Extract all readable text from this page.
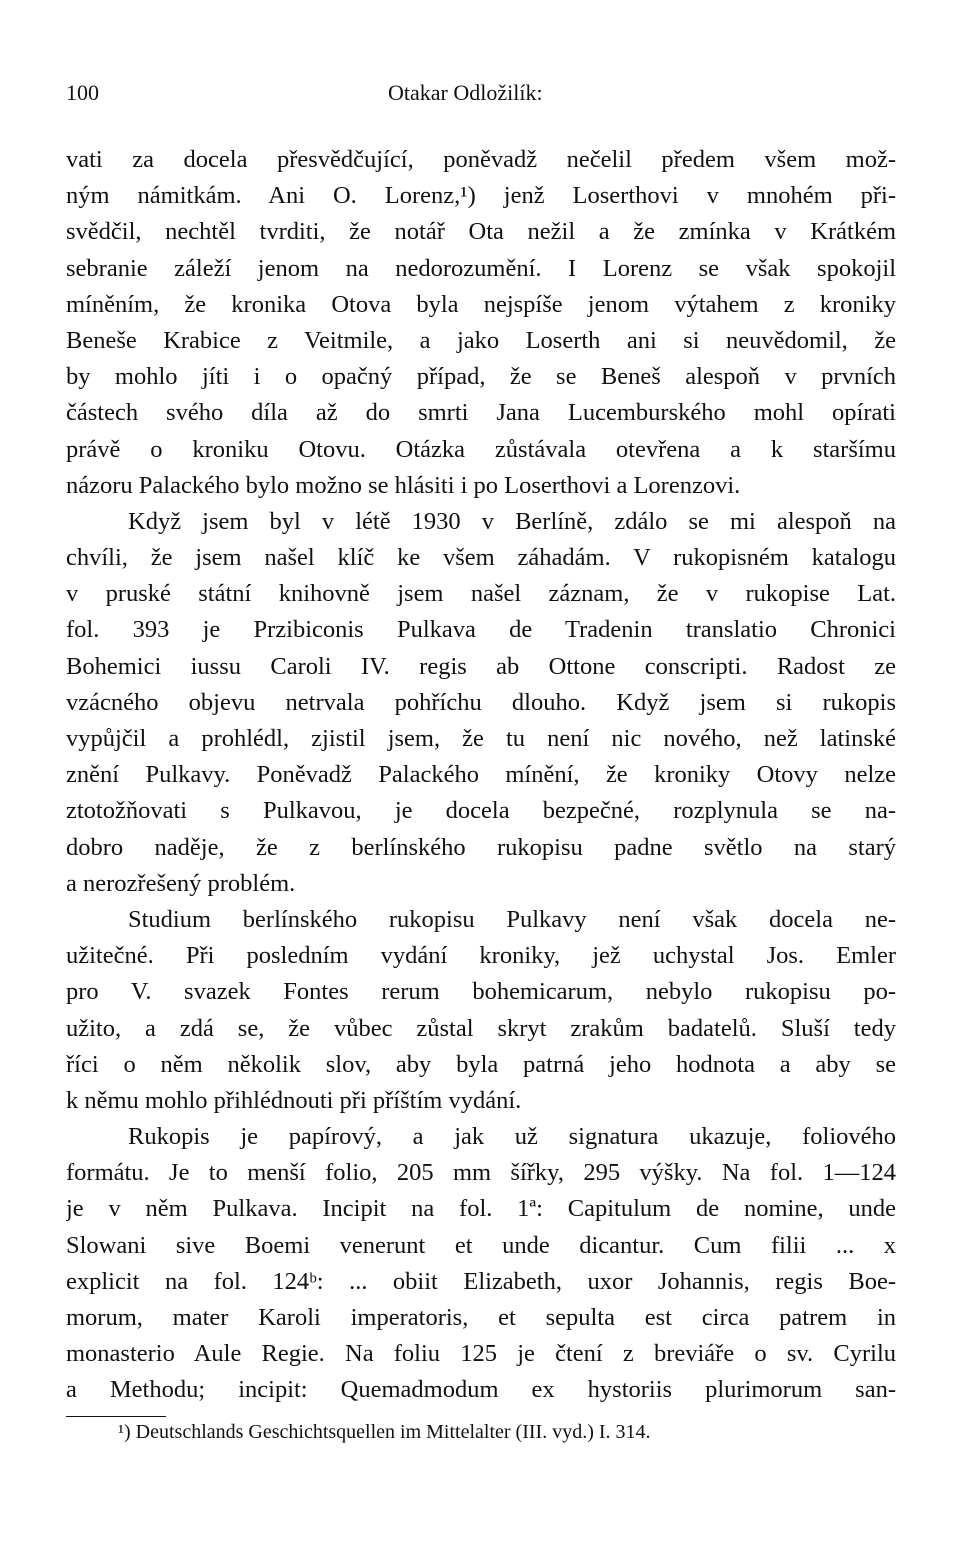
100	Otakar Odložilík:
vati za docela přesvědčující, poněvadž nečelil předem všem mož-
ným námitkám. Ani O. Lorenz,¹) jenž Loserthovi v mnohém při-
svědčil, nechtěl tvrditi, že notář Ota nežil a že zmínka v Krátkém
sebranie záleží jenom na nedorozumění. I Lorenz se však spokojil
míněním, že kronika Otova byla nejspíše jenom výtahem z kroniky
Beneše Krabice z Veitmile, a jako Loserth ani si neuvědomil, že
by mohlo jíti i o opačný případ, že se Beneš alespoň v prvních
částech svého díla až do smrti Jana Lucemburského mohl opírati
právě o kroniku Otovu. Otázka zůstávala otevřena a k staršímu
názoru Palackého bylo možno se hlásiti i po Loserthovi a Lorenzovi.
Když jsem byl v létě 1930 v Berlíně, zdálo se mi alespoň na
chvíli, že jsem našel klíč ke všem záhadám. V rukopisném katalogu
v pruské státní knihovně jsem našel záznam, že v rukopise Lat.
fol. 393 je Przibiconis Pulkava de Tradenin translatio Chronici
Bohemici iussu Caroli IV. regis ab Ottone conscripti. Radost ze
vzácného objevu netrvala pohříchu dlouho. Když jsem si rukopis
vypůjčil a prohlédl, zjistil jsem, že tu není nic nového, než latinské
znění Pulkavy. Poněvadž Palackého mínění, že kroniky Otovy nelze
ztotožňovati s Pulkavou, je docela bezpečné, rozplynula se na-
dobro naděje, že z berlínského rukopisu padne světlo na starý
a nerozřešený problém.
Studium berlínského rukopisu Pulkavy není však docela ne-
užitečné. Při posledním vydání kroniky, jež uchystal Jos. Emler
pro V. svazek Fontes rerum bohemicarum, nebylo rukopisu po-
užito, a zdá se, že vůbec zůstal skryt zrakům badatelů. Sluší tedy
říci o něm několik slov, aby byla patrná jeho hodnota a aby se
k němu mohlo přihlédnouti při příštím vydání.
Rukopis je papírový, a jak už signatura ukazuje, foliového
formátu. Je to menší folio, 205 mm šířky, 295 výšky. Na fol. 1—124
je v něm Pulkava. Incipit na fol. 1ª: Capitulum de nomine, unde
Slowani sive Boemi venerunt et unde dicantur. Cum filii ... x
explicit na fol. 124ᵇ: ... obiit Elizabeth, uxor Johannis, regis Boe-
morum, mater Karoli imperatoris, et sepulta est circa patrem in
monasterio Aule Regie. Na foliu 125 je čtení z breviáře o sv. Cyrilu
a Methodu; incipit: Quemadmodum ex hystoriis plurimorum san-
¹) Deutschlands Geschichtsquellen im Mittelalter (III. vyd.) I. 314.
